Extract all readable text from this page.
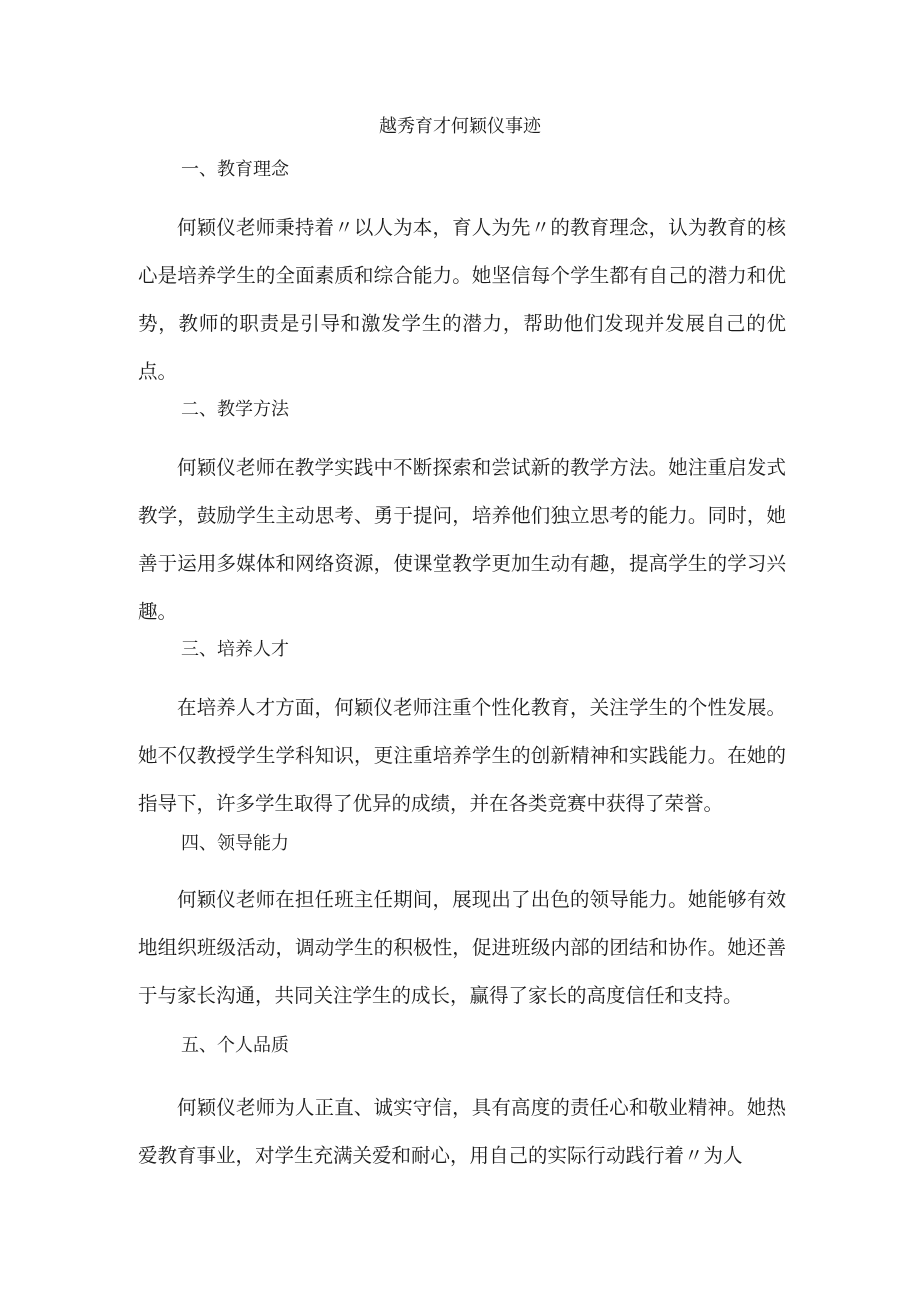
越秀育才何颖仪事迹
一、教育理念

何颖仪老师秉持着〃以人为本，育人为先〃的教育理念，认为教育的核心是培养学生的全面素质和综合能力。她坚信每个学生都有自己的潜力和优势，教师的职责是引导和激发学生的潜力，帮助他们发现并发展自己的优点。

二、教学方法

何颖仪老师在教学实践中不断探索和尝试新的教学方法。她注重启发式教学，鼓励学生主动思考、勇于提问，培养他们独立思考的能力。同时，她善于运用多媒体和网络资源，使课堂教学更加生动有趣，提高学生的学习兴趣。

三、培养人才

在培养人才方面，何颖仪老师注重个性化教育，关注学生的个性发展。她不仅教授学生学科知识，更注重培养学生的创新精神和实践能力。在她的指导下，许多学生取得了优异的成绩，并在各类竞赛中获得了荣誉。

四、领导能力

何颖仪老师在担任班主任期间，展现出了出色的领导能力。她能够有效地组织班级活动，调动学生的积极性，促进班级内部的团结和协作。她还善于与家长沟通，共同关注学生的成长，赢得了家长的高度信任和支持。

五、个人品质

何颖仪老师为人正直、诚实守信，具有高度的责任心和敬业精神。她热爱教育事业，对学生充满关爱和耐心，用自己的实际行动践行着〃为人
